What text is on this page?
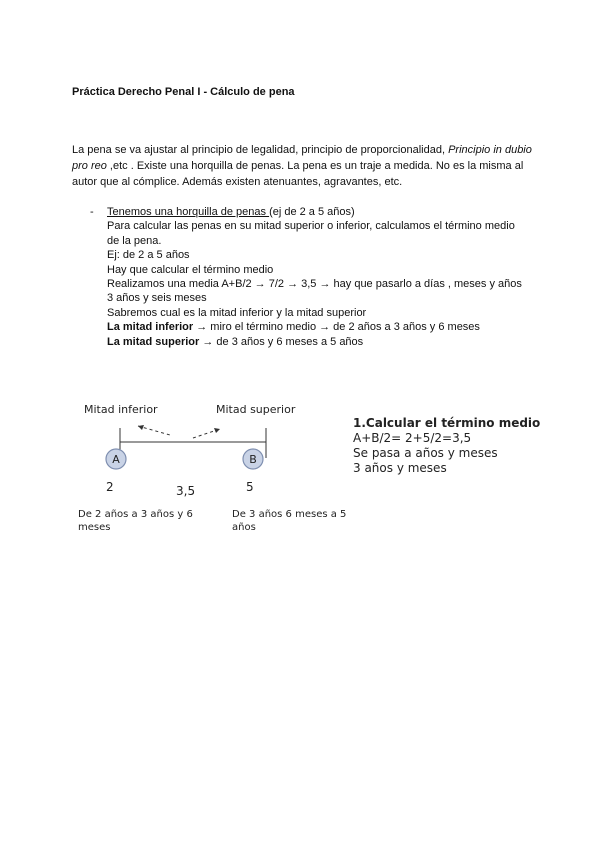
Práctica Derecho Penal I - Cálculo de pena
La pena se va ajustar al principio de legalidad, principio de proporcionalidad, Principio in dubio pro reo ,etc . Existe una horquilla de penas. La pena es un traje a medida. No es la misma al autor que al cómplice. Además existen atenuantes, agravantes, etc.
- Tenemos una horquilla de penas (ej de 2 a 5 años)
Para calcular las penas en su mitad superior o inferior, calculamos el término medio
de la pena.
Ej: de 2 a 5 años
Hay que calcular el término medio
Realizamos una media A+B/2 → 7/2 → 3,5 → hay que pasarlo a días , meses y años
3 años y seis meses
Sabremos cual es la mitad inferior y la mitad superior
La mitad inferior → miro el término medio → de 2 años a 3 años y 6 meses
La mitad superior → de 3 años y 6 meses a 5 años
A	B
Mitad inferior	Mitad superior
2	3,5	5
De 2 años a 3 años y 6
meses
De 3 años 6 meses a 5
años
1.Calcular el término medio
A+B/2= 2+5/2=3,5
Se pasa a años y meses
3 años y meses
